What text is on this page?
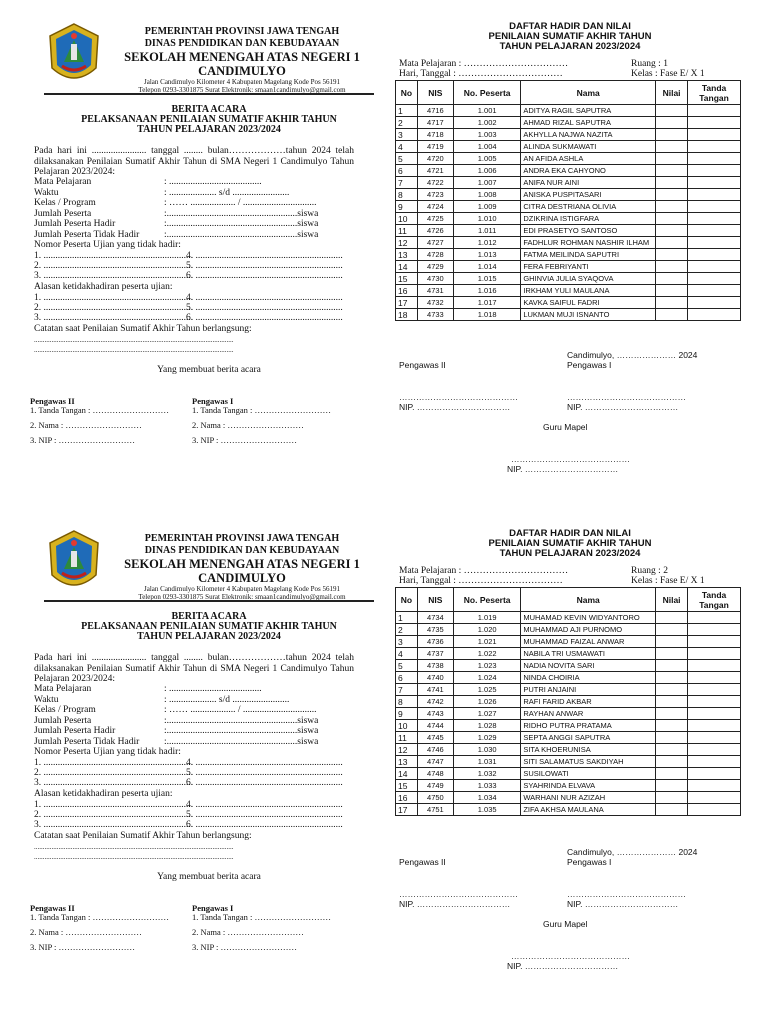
PEMERINTAH PROVINSI JAWA TENGAH
DINAS PENDIDIKAN DAN KEBUDAYAAN
SEKOLAH MENENGAH ATAS NEGERI 1
CANDIMULYO
Jalan Candimulyo Kilometer 4 Kabupaten Magelang Kode Pos 56191
Telepon 0293-3301875 Surat Elektronik: smaan1candimulyo@gmail.com
BERITA ACARA
PELAKSANAAN PENILAIAN SUMATIF AKHIR TAHUN
TAHUN PELAJARAN 2023/2024
Pada hari ini ....................... tanggal ........ bulan………………tahun 2024 telah dilaksanakan Penilaian Sumatif Akhir Tahun di SMA Negeri 1 Candimulyo Tahun Pelajaran 2023/2024:
Mata Pelajaran	: .......................................
Waktu	: .................... s/d ........................
Kelas / Program	: …… ................... / ...............................
Jumlah Peserta	:.......................................................siswa
Jumlah Peserta Hadir	:.......................................................siswa
Jumlah Peserta Tidak Hadir	:.......................................................siswa
Nomor Peserta Ujian yang tidak hadir:
1. ...............................................................
2. ...............................................................
3. ...............................................................
4. ..............................................................
5. ..............................................................
6. ..............................................................
Alasan ketidakhadiran peserta ujian:
1. ...............................................................
2. ...............................................................
3. ...............................................................
4. ..............................................................
5. ..............................................................
6. ..............................................................
Catatan saat Penilaian Sumatif Akhir Tahun berlangsung:
..................................................................................................................
..................................................................................................................
Yang membuat berita acara
Pengawas II
1. Tanda Tangan : ………………………
2. Nama : ………………………
3. NIP : ………………………
Pengawas I
1. Tanda Tangan : ………………………
2. Nama : ………………………
3. NIP : ………………………
DAFTAR HADIR DAN NILAI
PENILAIAN SUMATIF AKHIR TAHUN
TAHUN PELAJARAN 2023/2024
Mata Pelajaran : ……………………………
Hari, Tanggal : ……………………………
Ruang : 1
Kelas : Fase E/ X 1
No	NIS	No. Peserta	Nama	Nilai	Tanda
Tangan
1	4716	1.001	ADITYA RAGIL SAPUTRA		
2	4717	1.002	AHMAD RIZAL SAPUTRA		
3	4718	1.003	AKHYLLA NAJWA NAZITA		
4	4719	1.004	ALINDA SUKMAWATI		
5	4720	1.005	AN AFIDA ASHLA		
6	4721	1.006	ANDRA EKA CAHYONO		
7	4722	1.007	ANIFA NUR AINI		
8	4723	1.008	ANISKA PUSPITASARI		
9	4724	1.009	CITRA DESTRIANA OLIVIA		
10	4725	1.010	DZIKRINA ISTIGFARA		
11	4726	1.011	EDI PRASETYO SANTOSO		
12	4727	1.012	FADHLUR ROHMAN NASHIR ILHAM		
13	4728	1.013	FATMA MEILINDA SAPUTRI		
14	4729	1.014	FERA FEBRIYANTI		
15	4730	1.015	GHINVIA JULIA SYAQOVA		
16	4731	1.016	IRKHAM YULI MAULANA		
17	4732	1.017	KAVKA SAIFUL FADRI		
18	4733	1.018	LUKMAN MUJI ISNANTO		
Candimulyo, ………………… 2024
Pengawas II	Pengawas I
……………………………………	……………………………………
NIP. ……………………………	NIP. ……………………………
Guru Mapel
……………………………………
NIP. ……………………………
PEMERINTAH PROVINSI JAWA TENGAH
DINAS PENDIDIKAN DAN KEBUDAYAAN
SEKOLAH MENENGAH ATAS NEGERI 1
CANDIMULYO
Jalan Candimulyo Kilometer 4 Kabupaten Magelang Kode Pos 56191
Telepon 0293-3301875 Surat Elektronik: smaan1candimulyo@gmail.com
BERITA ACARA
PELAKSANAAN PENILAIAN SUMATIF AKHIR TAHUN
TAHUN PELAJARAN 2023/2024
Pada hari ini ....................... tanggal ........ bulan………………tahun 2024 telah dilaksanakan Penilaian Sumatif Akhir Tahun di SMA Negeri 1 Candimulyo Tahun Pelajaran 2023/2024:
Mata Pelajaran	: .......................................
Waktu	: .................... s/d ........................
Kelas / Program	: …… ................... / ...............................
Jumlah Peserta	:.......................................................siswa
Jumlah Peserta Hadir	:.......................................................siswa
Jumlah Peserta Tidak Hadir	:.......................................................siswa
Nomor Peserta Ujian yang tidak hadir:
1. ...............................................................
2. ...............................................................
3. ...............................................................
4. ..............................................................
5. ..............................................................
6. ..............................................................
Alasan ketidakhadiran peserta ujian:
1. ...............................................................
2. ...............................................................
3. ...............................................................
4. ..............................................................
5. ..............................................................
6. ..............................................................
Catatan saat Penilaian Sumatif Akhir Tahun berlangsung:
..................................................................................................................
..................................................................................................................
Yang membuat berita acara
Pengawas II
1. Tanda Tangan : ………………………
2. Nama : ………………………
3. NIP : ………………………
Pengawas I
1. Tanda Tangan : ………………………
2. Nama : ………………………
3. NIP : ………………………
DAFTAR HADIR DAN NILAI
PENILAIAN SUMATIF AKHIR TAHUN
TAHUN PELAJARAN 2023/2024
Mata Pelajaran : ……………………………
Hari, Tanggal : ……………………………
Ruang : 2
Kelas : Fase E/ X 1
No	NIS	No. Peserta	Nama	Nilai	Tanda
Tangan
1	4734	1.019	MUHAMAD KEVIN WIDYANTORO		
2	4735	1.020	MUHAMMAD AJI PURNOMO		
3	4736	1.021	MUHAMMAD FAIZAL ANWAR		
4	4737	1.022	NABILA TRI USMAWATI		
5	4738	1.023	NADIA NOVITA SARI		
6	4740	1.024	NINDA CHOIRIA		
7	4741	1.025	PUTRI ANJAINI		
8	4742	1.026	RAFI FARID AKBAR		
9	4743	1.027	RAYHAN ANWAR		
10	4744	1.028	RIDHO PUTRA PRATAMA		
11	4745	1.029	SEPTA ANGGI SAPUTRA		
12	4746	1.030	SITA KHOERUNISA		
13	4747	1.031	SITI SALAMATUS SAKDIYAH		
14	4748	1.032	SUSILOWATI		
15	4749	1.033	SYAHRINDA ELVAVA		
16	4750	1.034	WARHANI NUR AZIZAH		
17	4751	1.035	ZIFA AKHSA MAULANA		
Candimulyo, ………………… 2024
Pengawas II	Pengawas I
……………………………………	……………………………………
NIP. ……………………………	NIP. ……………………………
Guru Mapel
……………………………………
NIP. ……………………………
